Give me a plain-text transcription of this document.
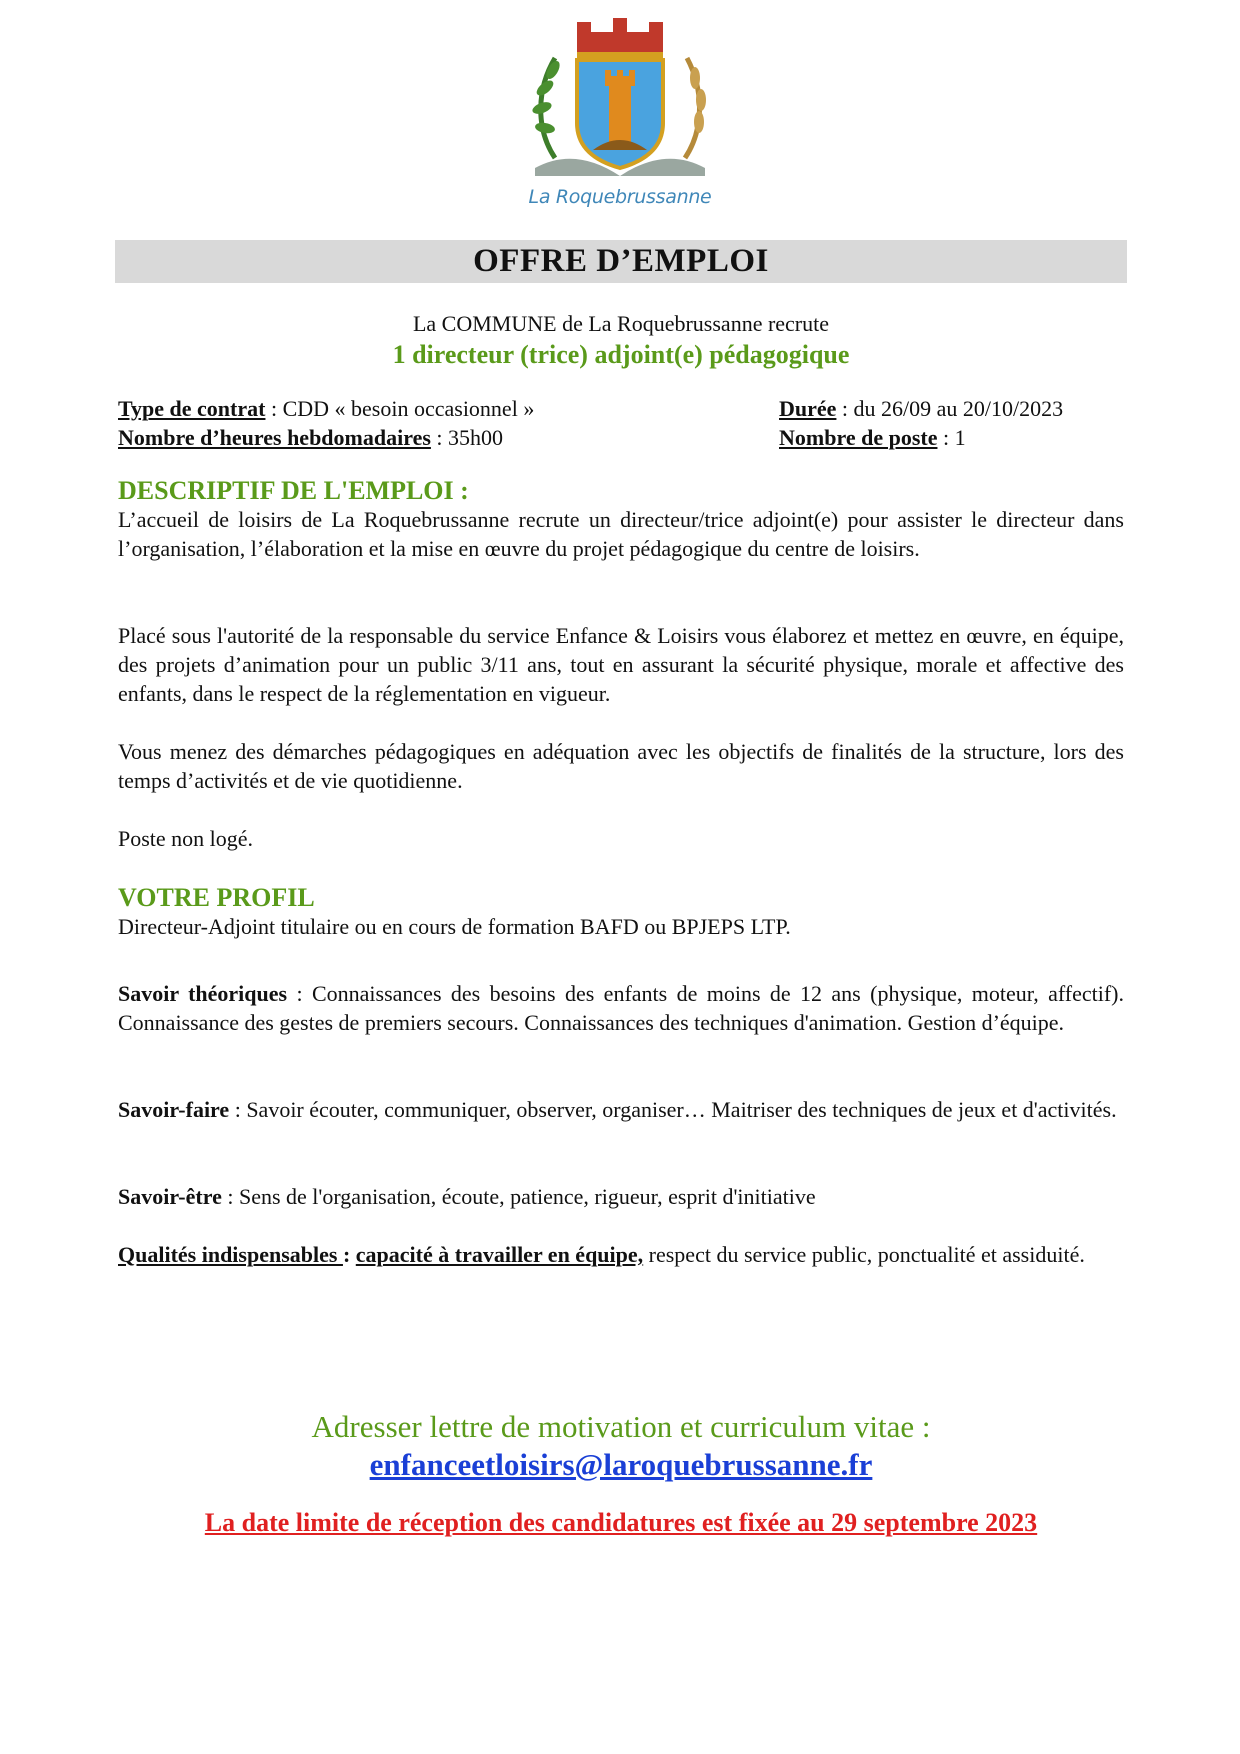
La Roquebrussanne
OFFRE D’EMPLOI
La COMMUNE de La Roquebrussanne recrute
1 directeur (trice) adjoint(e) pédagogique
Type de contrat : CDD « besoin occasionnel »
Nombre d’heures hebdomadaires : 35h00
Durée : du 26/09 au 20/10/2023
Nombre de poste : 1
DESCRIPTIF DE L'EMPLOI :
L’accueil de loisirs de La Roquebrussanne recrute un directeur/trice adjoint(e) pour assister le directeur dans l’organisation, l’élaboration et la mise en œuvre du projet pédagogique du centre de loisirs.
Placé sous l'autorité de la responsable du service Enfance & Loisirs vous élaborez et mettez en œuvre, en équipe, des projets d’animation pour un public 3/11 ans, tout en assurant la sécurité physique, morale et affective des enfants, dans le respect de la réglementation en vigueur.
Vous menez des démarches pédagogiques en adéquation avec les objectifs de finalités de la structure, lors des temps d’activités et de vie quotidienne.
Poste non logé.
VOTRE PROFIL
Directeur-Adjoint titulaire ou en cours de formation BAFD ou BPJEPS LTP.
Savoir théoriques : Connaissances des besoins des enfants de moins de 12 ans (physique, moteur, affectif). Connaissance des gestes de premiers secours. Connaissances des techniques d'animation. Gestion d’équipe.
Savoir-faire : Savoir écouter, communiquer, observer, organiser… Maitriser des techniques de jeux et d'activités.
Savoir-être : Sens de l'organisation, écoute, patience, rigueur, esprit d'initiative
Qualités indispensables : capacité à travailler en équipe, respect du service public, ponctualité et assiduité.
Adresser lettre de motivation et curriculum vitae :
enfanceetloisirs@laroquebrussanne.fr
La date limite de réception des candidatures est fixée au 29 septembre 2023
